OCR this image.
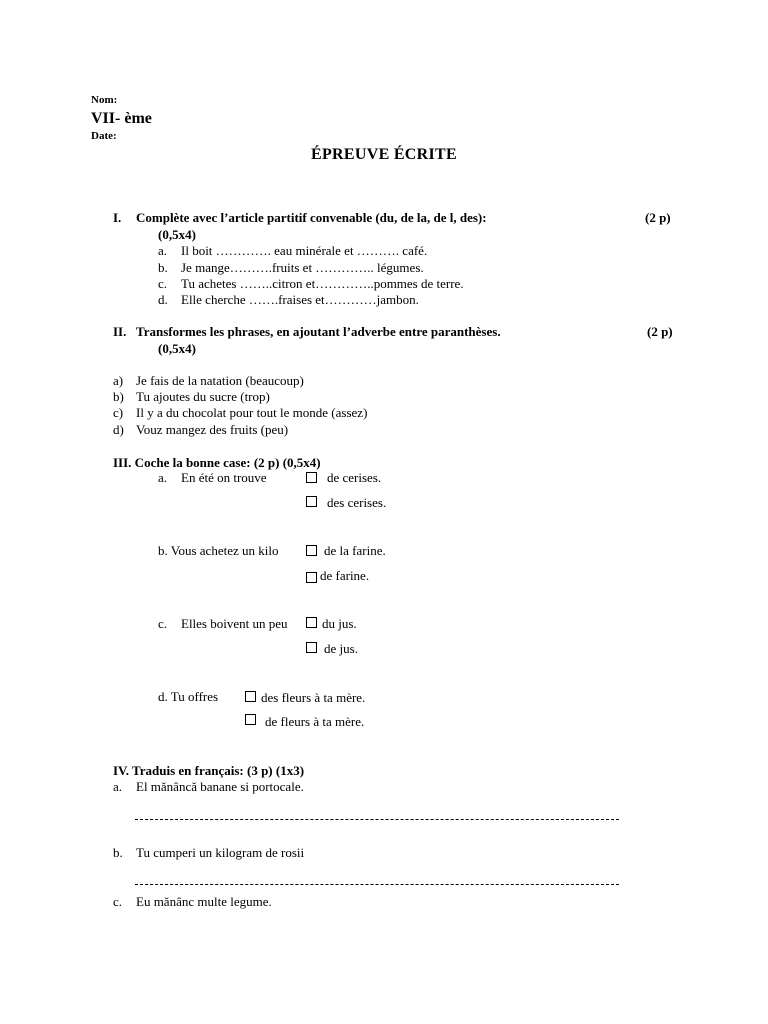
Nom:
VII- ème
Date:
ÉPREUVE ÉCRITE
I. Complète avec l’article partitif convenable (du, de la, de l, des):	(2 p)
(0,5x4)
a. Il boit …………. eau minérale et ………. café.
b. Je mange……….fruits et ………….. légumes.
c. Tu achetes ……..citron et…………..pommes de terre.
d. Elle cherche …….fraises et…………jambon.
II. Transformes les phrases, en ajoutant l’adverbe entre paranthèses.	(2 p)
(0,5x4)
a) Je fais de la natation (beaucoup)
b) Tu ajoutes du sucre (trop)
c) Il y a du chocolat pour tout le monde (assez)
d) Vouz mangez des fruits (peu)
III. Coche la bonne case: (2 p) (0,5x4)
a. En été on trouve	de cerises.
des cerises.
b. Vous achetez un kilo	de la farine.
de farine.
c. Elles boivent un peu	du jus.
de jus.
d. Tu offres	des fleurs à ta mère.
de fleurs à ta mère.
IV. Traduis en français: (3 p) (1x3)
a. El mănâncă banane si portocale.
b. Tu cumperi un kilogram de rosii
c. Eu mănânc multe legume.
